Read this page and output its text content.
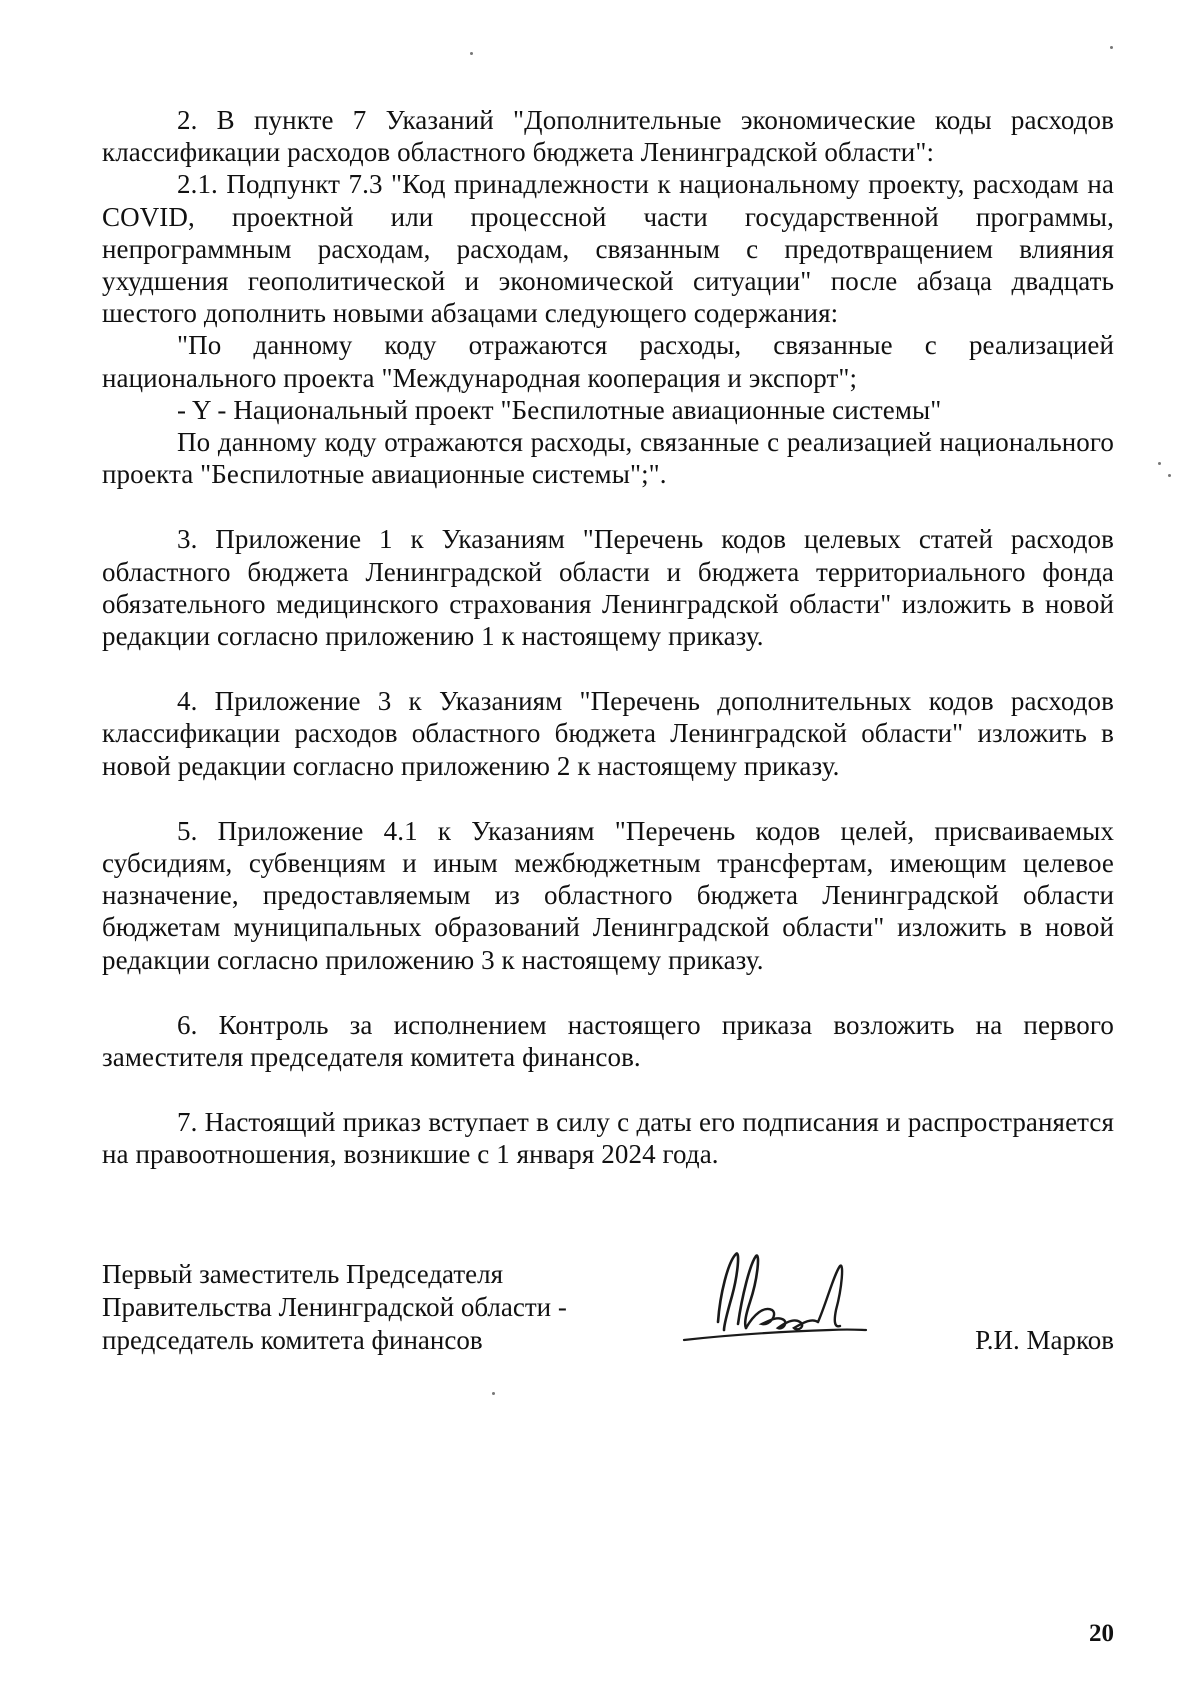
2. В пункте 7 Указаний "Дополнительные экономические коды расходов классификации расходов областного бюджета Ленинградской области":

2.1. Подпункт 7.3 "Код принадлежности к национальному проекту, расходам на COVID, проектной или процессной части государственной программы, непрограммным расходам, расходам, связанным с предотвращением влияния ухудшения геополитической и экономической ситуации" после абзаца двадцать шестого дополнить новыми абзацами следующего содержания:

"По данному коду отражаются расходы, связанные с реализацией национального проекта "Международная кооперация и экспорт";

- Y - Национальный проект "Беспилотные авиационные системы"

По данному коду отражаются расходы, связанные с реализацией национального проекта "Беспилотные авиационные системы";".

3. Приложение 1 к Указаниям "Перечень кодов целевых статей расходов областного бюджета Ленинградской области и бюджета территориального фонда обязательного медицинского страхования Ленинградской области" изложить в новой редакции согласно приложению 1 к настоящему приказу.

4. Приложение 3 к Указаниям "Перечень дополнительных кодов расходов классификации расходов областного бюджета Ленинградской области" изложить в новой редакции согласно приложению 2 к настоящему приказу.

5. Приложение 4.1 к Указаниям "Перечень кодов целей, присваиваемых субсидиям, субвенциям и иным межбюджетным трансфертам, имеющим целевое назначение, предоставляемым из областного бюджета Ленинградской области бюджетам муниципальных образований Ленинградской области" изложить в новой редакции согласно приложению 3 к настоящему приказу.

6. Контроль за исполнением настоящего приказа возложить на первого заместителя председателя комитета финансов.

7. Настоящий приказ вступает в силу с даты его подписания и распространяется на правоотношения, возникшие с 1 января 2024 года.

Первый заместитель Председателя
Правительства Ленинградской области -
председатель комитета финансов	Р.И. Марков
20
